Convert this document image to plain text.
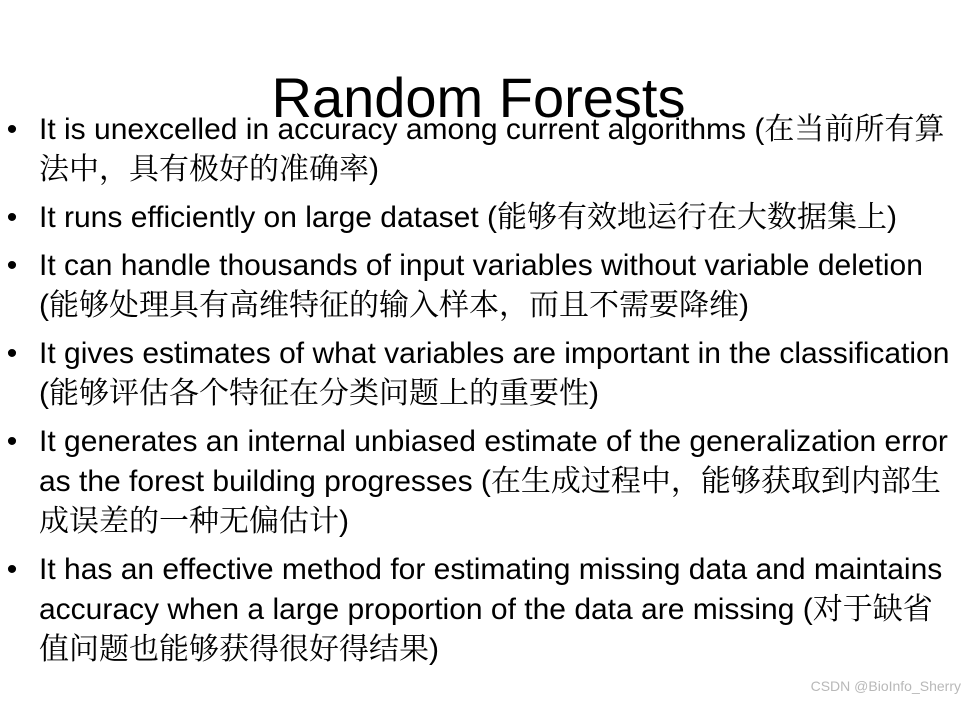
Random Forests
• It is unexcelled in accuracy among current algorithms (在当前所有算法中，具有极好的准确率)
• It runs efficiently on large dataset (能够有效地运行在大数据集上)
• It can handle thousands of input variables without variable deletion (能够处理具有高维特征的输入样本，而且不需要降维)
• It gives estimates of what variables are important in the classification (能够评估各个特征在分类问题上的重要性)
• It generates an internal unbiased estimate of the generalization error as the forest building progresses (在生成过程中，能够获取到内部生成误差的一种无偏估计)
• It has an effective method for estimating missing data and maintains accuracy when a large proportion of the data are missing (对于缺省值问题也能够获得很好得结果)
CSDN @BioInfo_Sherry
